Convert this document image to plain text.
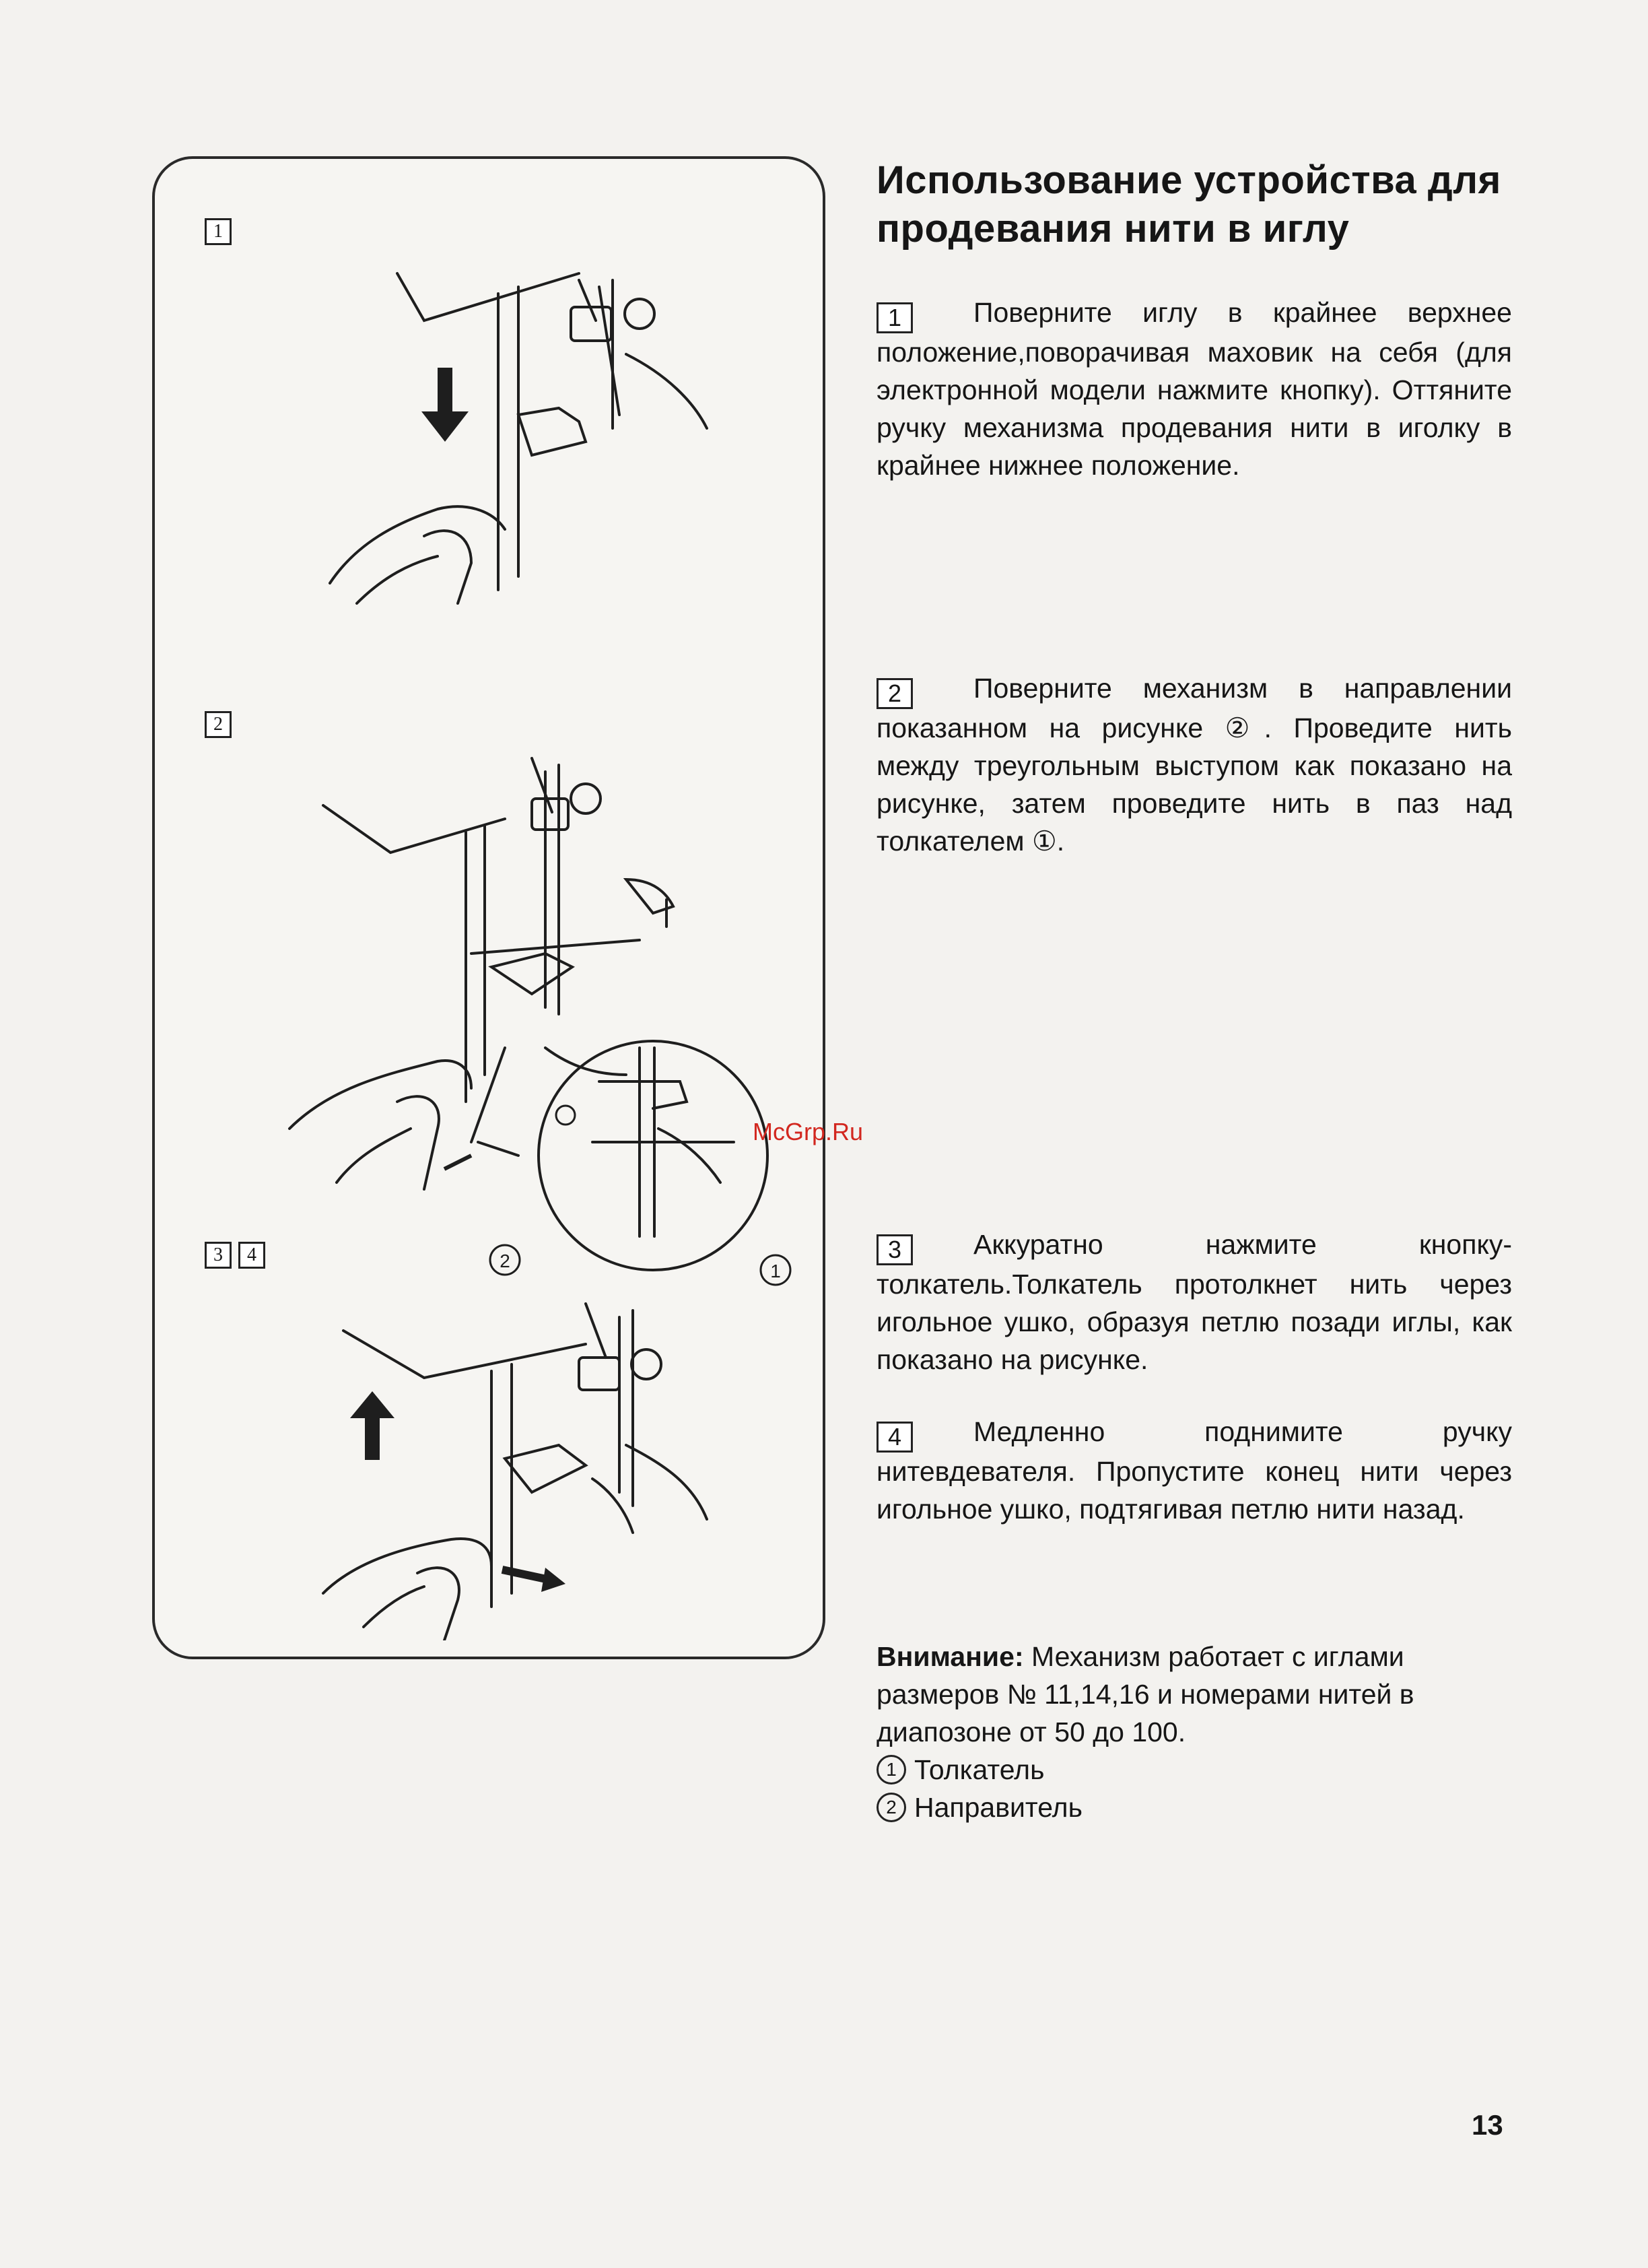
1
2
2	1
3	4
Использование устройства для продевания нити в иглу
1	Поверните иглу в крайнее верхнее положение,поворачивая маховик на себя (для электронной модели нажмите кнопку). Оттяните ручку механизма продевания нити в иголку в крайнее нижнее положение.
2	Поверните механизм в направлении показанном на рисунке ②. Проведите нить между треугольным выступом как показано на рисунке, затем проведите нить в паз над толкателем ①.
3	Аккуратно нажмите кнопку-толкатель.Толкатель протолкнет нить через игольное ушко, образуя петлю позади иглы, как показано на рисунке.
4	Медленно поднимите ручку нитевдевателя. Пропустите конец нити через игольное ушко, подтягивая петлю нити назад.
Внимание: Механизм работает с иглами размеров № 11,14,16 и номерами нитей в диапозоне от 50 до 100.
1 Толкатель
2 Направитель
McGrp.Ru
13
